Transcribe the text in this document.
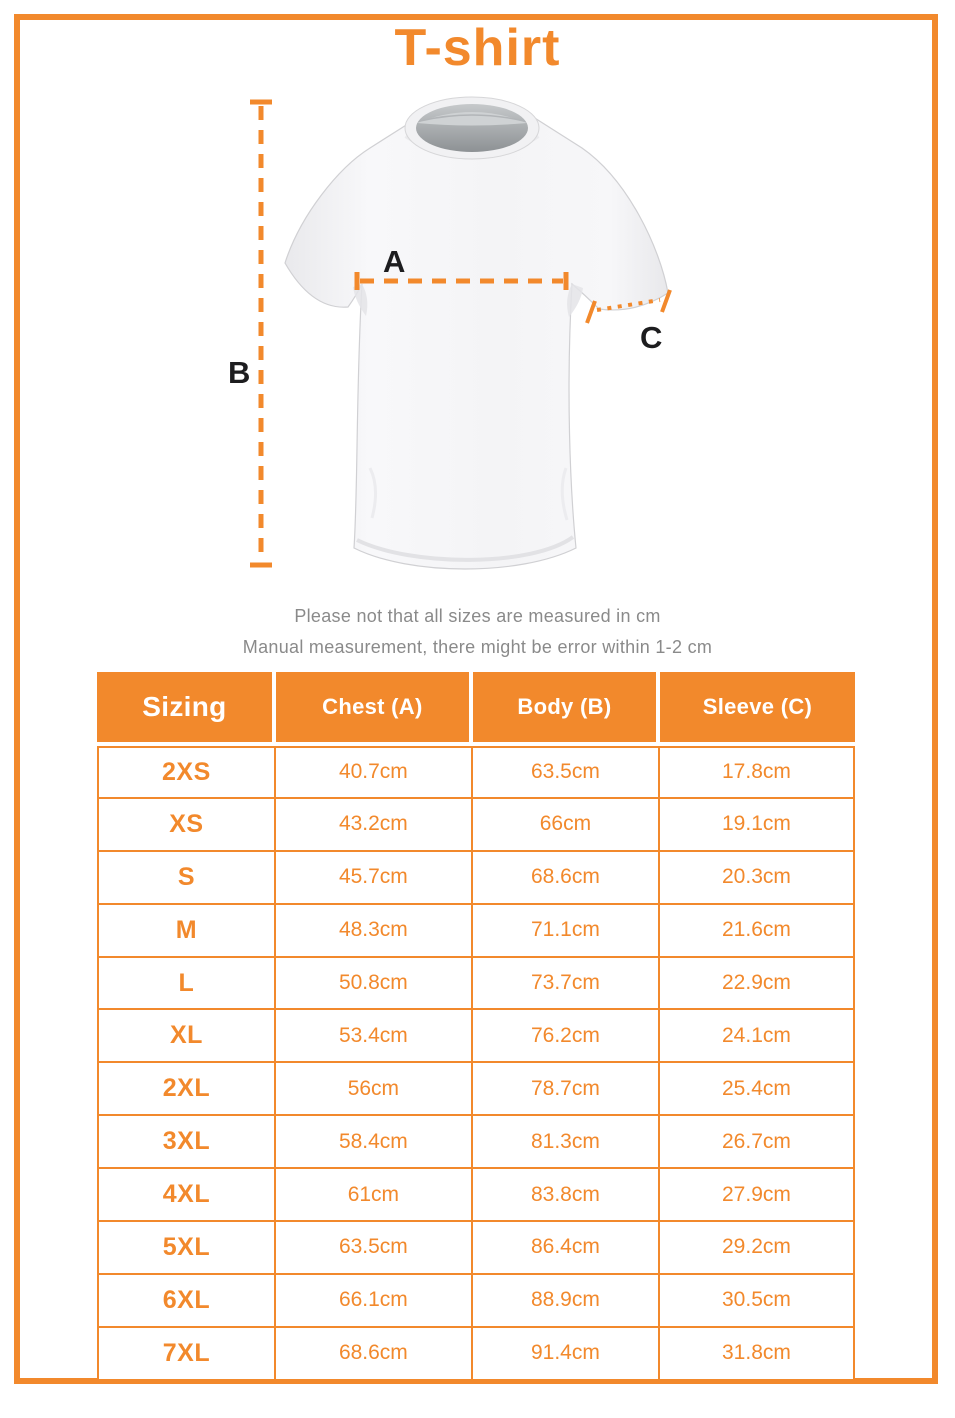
T-shirt
A
B
C

Please not that all sizes are measured in cm

Manual measurement, there might be error within 1-2 cm

Sizing	Chest (A)	Body (B)	Sleeve (C)
2XS	40.7cm	63.5cm	17.8cm
XS	43.2cm	66cm	19.1cm
S	45.7cm	68.6cm	20.3cm
M	48.3cm	71.1cm	21.6cm
L	50.8cm	73.7cm	22.9cm
XL	53.4cm	76.2cm	24.1cm
2XL	56cm	78.7cm	25.4cm
3XL	58.4cm	81.3cm	26.7cm
4XL	61cm	83.8cm	27.9cm
5XL	63.5cm	86.4cm	29.2cm
6XL	66.1cm	88.9cm	30.5cm
7XL	68.6cm	91.4cm	31.8cm
